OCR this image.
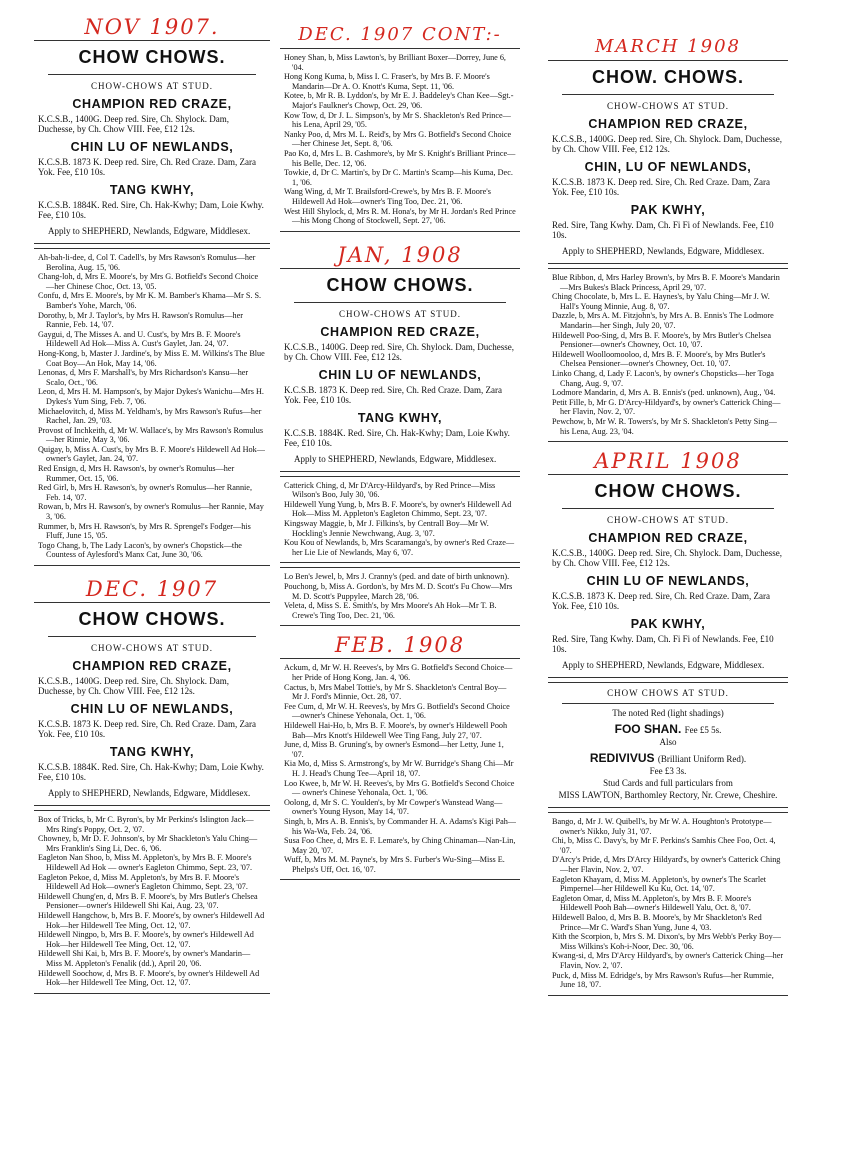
NOV 1907.
CHOW CHOWS.
CHOW-CHOWS AT STUD.
CHAMPION RED CRAZE,
K.C.S.B., 1400G. Deep red. Sire, Ch. Shylock. Dam, Duchesse, by Ch. Chow VIII. Fee, £12 12s.
CHIN LU OF NEWLANDS,
K.C.S.B. 1873 K. Deep red. Sire, Ch. Red Craze. Dam, Zara Yok. Fee, £10 10s.
TANG KWHY,
K.C.S.B. 1884K. Red. Sire, Ch. Hak-Kwhy; Dam, Loie Kwhy. Fee, £10 10s.
Apply to SHEPHERD, Newlands, Edgware, Middlesex.

Ah-bah-li-dee, d, Col T. Cadell's, by Mrs Rawson's Romulus—her Berolina, Aug. 15, '06.

Chang-loh, d, Mrs E. Moore's, by Mrs G. Botfield's Second Choice—her Chinese Choc, Oct. 13, '05.

Confu, d, Mrs E. Moore's, by Mr K. M. Bamber's Khama—Mr S. S. Bamber's Yohe, March, '06.

Dorothy, b, Mr J. Taylor's, by Mrs H. Rawson's Romulus—her Rannie, Feb. 14, '07.

Gaygui, d, The Misses A. and U. Cust's, by Mrs B. F. Moore's Hildewell Ad Hok—Miss A. Cust's Gaylet, Jan. 24, '07.

Hong-Kong, b, Master J. Jardine's, by Miss E. M. Wilkins's The Blue Coat Boy—An Hok, May 14, '06.

Lenonas, d, Mrs F. Marshall's, by Mrs Richardson's Kansu—her Scalo, Oct., '06.

Leon, d, Mrs H. M. Hampson's, by Major Dykes's Wanichu—Mrs H. Dykes's Yum Sing, Feb. 7, '06.

Michaelovitch, d, Miss M. Yeldham's, by Mrs Rawson's Rufus—her Rachel, Jan. 29, '03.

Provost of Inchkeith, d, Mr W. Wallace's, by Mrs Rawson's Romulus—her Rinnie, May 3, '06.

Quigay, b, Miss A. Cust's, by Mrs B. F. Moore's Hildewell Ad Hok—owner's Gaylet, Jan. 24, '07.

Red Ensign, d, Mrs H. Rawson's, by owner's Romulus—her Rummer, Oct. 15, '06.

Red Girl, b, Mrs H. Rawson's, by owner's Romulus—her Rannie, Feb. 14, '07.

Rowan, b, Mrs H. Rawson's, by owner's Romulus—her Rannie, May 3, '06.

Rummer, b, Mrs H. Rawson's, by Mrs R. Sprengel's Fodger—his Fluff, June 15, '05.

Togo Chang, b, The Lady Lacon's, by owner's Chopstick—the Countess of Aylesford's Manx Cat, June 30, '06.

DEC. 1907
CHOW CHOWS.
CHOW-CHOWS AT STUD.
CHAMPION RED CRAZE,
K.C.S.B., 1400G. Deep red. Sire, Ch. Shylock. Dam, Duchesse, by Ch. Chow VIII. Fee, £12 12s.
CHIN LU OF NEWLANDS,
K.C.S.B. 1873 K. Deep red. Sire, Ch. Red Craze. Dam, Zara Yok. Fee, £10 10s.
TANG KWHY,
K.C.S.B. 1884K. Red. Sire, Ch. Hak-Kwhy; Dam, Loie Kwhy. Fee, £10 10s.
Apply to SHEPHERD, Newlands, Edgware, Middlesex.

Box of Tricks, b, Mr C. Byron's, by Mr Perkins's Islington Jack—Mrs Ring's Poppy, Oct. 2, '07.

Chowney, b, Mr D. F. Johnson's, by Mr Shackleton's Yalu Ching—Mrs Franklin's Sing Li, Dec. 6, '06.

Eagleton Nan Shoo, b, Miss M. Appleton's, by Mrs B. F. Moore's Hildewell Ad Hok — owner's Eagleton Chimmo, Sept. 23, '07.

Eagleton Pekoe, d, Miss M. Appleton's, by Mrs B. F. Moore's Hildewell Ad Hok—owner's Eagleton Chimmo, Sept. 23, '07.

Hildewell Chung'en, d, Mrs B. F. Moore's, by Mrs Butler's Chelsea Pensioner—owner's Hildewell Shi Kai, Aug. 23, '07.

Hildewell Hangchow, b, Mrs B. F. Moore's, by owner's Hildewell Ad Hok—her Hildewell Tee Ming, Oct. 12, '07.

Hildewell Ningpo, b, Mrs B. F. Moore's, by owner's Hildewell Ad Hok—her Hildewell Tee Ming, Oct. 12, '07.

Hildewell Shi Kai, b, Mrs B. F. Moore's, by owner's Mandarin—Miss M. Appleton's Fenalik (dd.), April 20, '06.

Hildewell Soochow, d, Mrs B. F. Moore's, by owner's Hildewell Ad Hok—her Hildewell Tee Ming, Oct. 12, '07.

DEC. 1907 CONT:-

Honey Shan, b, Miss Lawton's, by Brilliant Boxer—Dorrey, June 6, '04.

Hong Kong Kuma, b, Miss I. C. Fraser's, by Mrs B. F. Moore's Mandarin—Dr A. O. Knott's Kuma, Sept. 11, '06.

Kotee, b, Mr R. B. Lyddon's, by Mr E. J. Baddeley's Chan Kee—Sgt.-Major's Faulkner's Chowp, Oct. 29, '06.

Kow Tow, d, Dr J. L. Simpson's, by Mr S. Shackleton's Red Prince—his Lena, April 29, '05.

Nanky Poo, d, Mrs M. L. Reid's, by Mrs G. Botfield's Second Choice—her Chinese Jet, Sept. 8, '06.

Pao Ko, d, Mrs L. B. Cashmore's, by Mr S. Knight's Brilliant Prince—his Belle, Dec. 12, '06.

Towkie, d, Dr C. Martin's, by Dr C. Martin's Scamp—his Kuma, Dec. 1, '06.

Wang Wing, d, Mr T. Brailsford-Crewe's, by Mrs B. F. Moore's Hildewell Ad Hok—owner's Ting Too, Dec. 21, '06.

West Hill Shylock, d, Mrs R. M. Hona's, by Mr H. Jordan's Red Prince—his Mong Chong of Stockwell, Sept. 27, '06.

JAN, 1908
CHOW CHOWS.
CHOW-CHOWS AT STUD.
CHAMPION RED CRAZE,
K.C.S.B., 1400G. Deep red. Sire, Ch. Shylock. Dam, Duchesse, by Ch. Chow VIII. Fee, £12 12s.
CHIN LU OF NEWLANDS,
K.C.S.B. 1873 K. Deep red. Sire, Ch. Red Craze. Dam, Zara Yok. Fee, £10 10s.
TANG KWHY,
K.C.S.B. 1884K. Red. Sire, Ch. Hak-Kwhy; Dam, Loie Kwhy. Fee, £10 10s.
Apply to SHEPHERD, Newlands, Edgware, Middlesex.

Catterick Ching, d, Mr D'Arcy-Hildyard's, by Red Prince—Miss Wilson's Boo, July 30, '06.

Hildewell Yung Yung, b, Mrs B. F. Moore's, by owner's Hildewell Ad Hok—Miss M. Appleton's Eagleton Chimmo, Sept. 23, '07.

Kingsway Maggie, b, Mr J. Filkins's, by Centrall Boy—Mr W. Hockling's Jennie Newchwang, Aug. 3, '07.

Kou Kou of Newlands, b, Mrs Scaramanga's, by owner's Red Craze—her Lie Lie of Newlands, May 6, '07.

Lo Ben's Jewel, b, Mrs J. Cranny's (ped. and date of birth unknown).

Pouchong, b, Miss A. Gordon's, by Mrs M. D. Scott's Fu Chow—Mrs M. D. Scott's Puppylee, March 28, '06.

Veleta, d, Miss S. E. Smith's, by Mrs Moore's Ah Hok—Mr T. B. Crewe's Ting Too, Dec. 21, '06.

FEB. 1908

Ackum, d, Mr W. H. Reeves's, by Mrs G. Botfield's Second Choice—her Pride of Hong Kong, Jan. 4, '06.

Cactus, b, Mrs Mabel Tottie's, by Mr S. Shackleton's Central Boy—Mr J. Ford's Minnie, Oct. 28, '07.

Fee Cum, d, Mr W. H. Reeves's, by Mrs G. Botfield's Second Choice—owner's Chinese Yehonala, Oct. 1, '06.

Hildewell Hai-Ho, b, Mrs B. F. Moore's, by owner's Hildewell Pooh Bah—Mrs Knott's Hildewell Wee Ting Fang, July 27, '07.

June, d, Miss B. Gruning's, by owner's Esmond—her Letty, June 1, '07.

Kia Mo, d, Miss S. Armstrong's, by Mr W. Burridge's Shang Chi—Mr H. J. Head's Chung Tee—April 18, '07.

Loo Kwee, b, Mr W. H. Reeves's, by Mrs G. Botfield's Second Choice — owner's Chinese Yehonala, Oct. 1, '06.

Oolong, d, Mr S. C. Youlden's, by Mr Cowper's Wanstead Wang—owner's Young Hyson, May 14, '07.

Singh, b, Mrs A. B. Ennis's, by Commander H. A. Adams's Kigi Pah—his Wa-Wa, Feb. 24, '06.

Susa Foo Chee, d, Mrs E. F. Lemare's, by Ching Chinaman—Nan-Lin, May 20, '07.

Wuff, b, Mrs M. M. Payne's, by Mrs S. Furber's Wu-Sing—Miss E. Phelps's Uff, Oct. 16, '07.

MARCH 1908
CHOW. CHOWS.
CHOW-CHOWS AT STUD.
CHAMPION RED CRAZE,
K.C.S.B., 1400G. Deep red. Sire, Ch. Shylock. Dam, Duchesse, by Ch. Chow VIII. Fee, £12 12s.
CHIN, LU OF NEWLANDS,
K.C.S.B. 1873 K. Deep red. Sire, Ch. Red Craze. Dam, Zara Yok. Fee, £10 10s.
PAK KWHY,
Red. Sire, Tang Kwhy. Dam, Ch. Fi Fi of Newlands. Fee, £10 10s.
Apply to SHEPHERD, Newlands, Edgware, Middlesex.

Blue Ribbon, d, Mrs Harley Brown's, by Mrs B. F. Moore's Mandarin—Mrs Bukes's Black Princess, April 29, '07.

Ching Chocolate, b, Mrs L. E. Haynes's, by Yalu Ching—Mr J. W. Hall's Young Minnie, Aug. 8, '07.

Dazzle, b, Mrs A. M. Fitzjohn's, by Mrs A. B. Ennis's The Lodmore Mandarin—her Singh, July 20, '07.

Hildewell Poo-Sing, d, Mrs B. F. Moore's, by Mrs Butler's Chelsea Pensioner—owner's Chowney, Oct. 10, '07.

Hildewell Woolloomooloo, d, Mrs B. F. Moore's, by Mrs Butler's Chelsea Pensioner—owner's Chowney, Oct. 10, '07.

Linko Chang, d, Lady F. Lacon's, by owner's Chopsticks—her Toga Chang, Aug. 9, '07.

Lodmore Mandarin, d, Mrs A. B. Ennis's (ped. unknown), Aug., '04.

Petit Fille, b, Mr G. D'Arcy-Hildyard's, by owner's Catterick Ching—her Flavin, Nov. 2, '07.

Pewchow, b, Mr W. R. Towers's, by Mr S. Shackleton's Petty Sing—his Lena, Aug. 23, '04.

APRIL 1908
CHOW CHOWS.
CHOW-CHOWS AT STUD.
CHAMPION RED CRAZE,
K.C.S.B., 1400G. Deep red. Sire, Ch. Shylock. Dam, Duchesse, by Ch. Chow VIII. Fee, £12 12s.
CHIN LU OF NEWLANDS,
K.C.S.B. 1873 K. Deep red. Sire, Ch. Red Craze. Dam, Zara Yok. Fee, £10 10s.
PAK KWHY,
Red. Sire, Tang Kwhy. Dam, Ch. Fi Fi of Newlands. Fee, £10 10s.
Apply to SHEPHERD, Newlands, Edgware, Middlesex.
CHOW CHOWS AT STUD.
The noted Red (light shadings)
FOO SHAN. Fee £5 5s.
Also
REDIVIVUS (Brilliant Uniform Red).
Fee £3 3s.
Stud Cards and full particulars from
MISS LAWTON, Barthomley Rectory, Nr. Crewe, Cheshire.

Bango, d, Mr J. W. Quibell's, by Mr W. A. Houghton's Prototype—owner's Nikko, July 31, '07.

Chi, b, Miss C. Davy's, by Mr F. Perkins's Samhis Chee Foo, Oct. 4, '07.

D'Arcy's Pride, d, Mrs D'Arcy Hildyard's, by owner's Catterick Ching—her Flavin, Nov. 2, '07.

Eagleton Khayam, d, Miss M. Appleton's, by owner's The Scarlet Pimpernel—her Hildewell Ku Ku, Oct. 14, '07.

Eagleton Omar, d, Miss M. Appleton's, by Mrs B. F. Moore's Hildewell Pooh Bah—owner's Hildewell Yalu, Oct. 8, '07.

Hildewell Baloo, d, Mrs B. B. Moore's, by Mr Shackleton's Red Prince—Mr C. Ward's Shan Yung, June 4, '03.

Kith the Scorpion, b, Mrs S. M. Dixon's, by Mrs Webb's Perky Boy—Miss Wilkins's Koh-i-Noor, Dec. 30, '06.

Kwang-si, d, Mrs D'Arcy Hildyard's, by owner's Catterick Ching—her Flavin, Nov. 2, '07.

Puck, d, Miss M. Edridge's, by Mrs Rawson's Rufus—her Rummie, June 18, '07.
